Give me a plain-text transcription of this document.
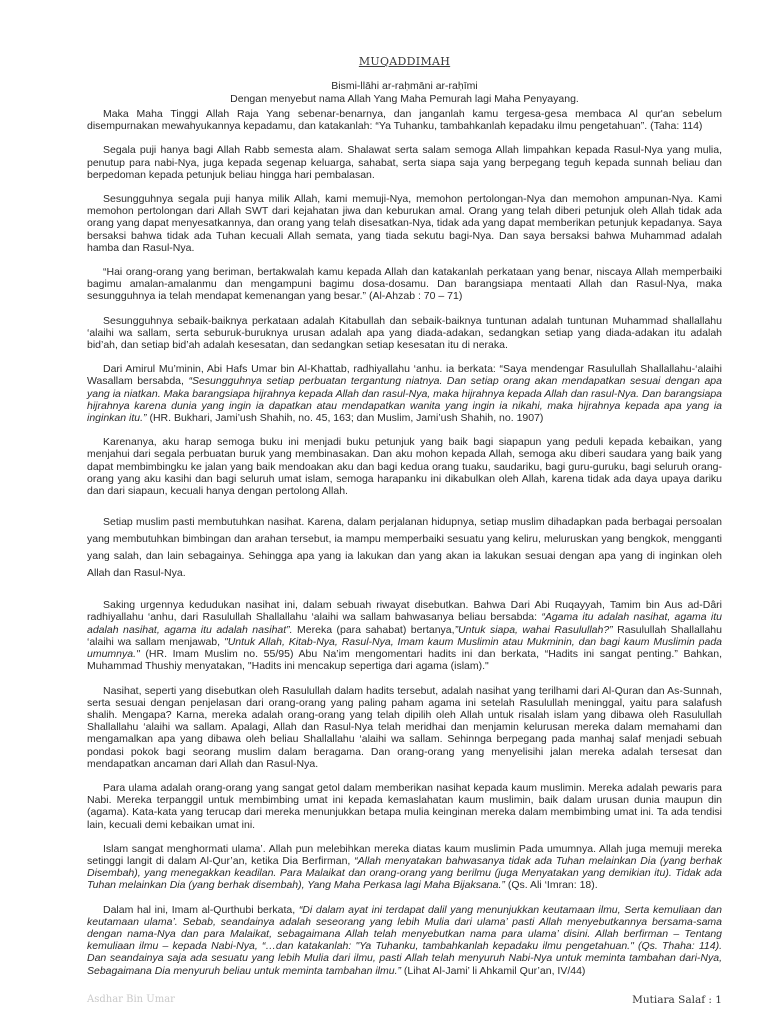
MUQADDIMAH
Bismi-llāhi ar-raḥmāni ar-raḥīmi
Dengan menyebut nama Allah Yang Maha Pemurah lagi Maha Penyayang.

Maka Maha Tinggi Allah Raja Yang sebenar-benarnya, dan janganlah kamu tergesa-gesa membaca Al qur'an sebelum disempurnakan mewahyukannya kepadamu, dan katakanlah: “Ya Tuhanku, tambahkanlah kepadaku ilmu pengetahuan”. (Taha: 114)

Segala puji hanya bagi Allah Rabb semesta alam. Shalawat serta salam semoga Allah limpahkan kepada Rasul-Nya yang mulia, penutup para nabi-Nya, juga kepada segenap keluarga, sahabat, serta siapa saja yang berpegang teguh kepada sunnah beliau dan berpedoman kepada petunjuk beliau hingga hari pembalasan.

Sesungguhnya segala puji hanya milik Allah, kami memuji-Nya, memohon pertolongan-Nya dan memohon ampunan-Nya. Kami memohon pertolongan dari Allah SWT dari kejahatan jiwa dan keburukan amal. Orang yang telah diberi petunjuk oleh Allah tidak ada orang yang dapat menyesatkannya, dan orang yang telah disesatkan-Nya, tidak ada yang dapat memberikan petunjuk kepadanya. Saya bersaksi bahwa tidak ada Tuhan kecuali Allah semata, yang tiada sekutu bagi-Nya. Dan saya bersaksi bahwa Muhammad adalah hamba dan Rasul-Nya.

“Hai orang-orang yang beriman, bertakwalah kamu kepada Allah dan katakanlah perkataan yang benar, niscaya Allah memperbaiki bagimu amalan-amalanmu dan mengampuni bagimu dosa-dosamu. Dan barangsiapa mentaati Allah dan Rasul-Nya, maka sesungguhnya ia telah mendapat kemenangan yang besar.” (Al-Ahzab : 70 – 71)

Sesungguhnya sebaik-baiknya perkataan adalah Kitabullah dan sebaik-baiknya tuntunan adalah tuntunan Muhammad shallallahu ‘alaihi wa sallam, serta seburuk-buruknya urusan adalah apa yang diada-adakan, sedangkan setiap yang diada-adakan itu adalah bid’ah, dan setiap bid’ah adalah kesesatan, dan sedangkan setiap kesesatan itu di neraka.

Dari Amirul Mu’minin, Abi Hafs Umar bin Al-Khattab, radhiyallahu ‘anhu. ia berkata: “Saya mendengar Rasulullah Shallallahu-‘alaihi Wasallam bersabda, “Sesungguhnya setiap perbuatan tergantung niatnya. Dan setiap orang akan mendapatkan sesuai dengan apa yang ia niatkan. Maka barangsiapa hijrahnya kepada Allah dan rasul-Nya, maka hijrahnya kepada Allah dan rasul-Nya. Dan barangsiapa hijrahnya karena dunia yang ingin ia dapatkan atau mendapatkan wanita yang ingin ia nikahi, maka hijrahnya kepada apa yang ia inginkan itu.” (HR. Bukhari, Jami’ush Shahih, no. 45, 163; dan Muslim, Jami’ush Shahih, no. 1907)

Karenanya, aku harap semoga buku ini menjadi buku petunjuk yang baik bagi siapapun yang peduli kepada kebaikan, yang menjahui dari segala perbuatan buruk yang membinasakan. Dan aku mohon kepada Allah, semoga aku diberi saudara yang baik yang dapat membimbingku ke jalan yang baik mendoakan aku dan bagi kedua orang tuaku, saudariku, bagi guru-guruku, bagi seluruh orang-orang yang aku kasihi dan bagi seluruh umat islam, semoga harapanku ini dikabulkan oleh Allah, karena tidak ada daya upaya dariku dan dari siapaun, kecuali hanya dengan pertolong Allah.

Setiap muslim pasti membutuhkan nasihat. Karena, dalam perjalanan hidupnya, setiap muslim dihadapkan pada berbagai persoalan yang membutuhkan bimbingan dan arahan tersebut, ia mampu memperbaiki sesuatu yang keliru, meluruskan yang bengkok, mengganti yang salah, dan lain sebagainya. Sehingga apa yang ia lakukan dan yang akan ia lakukan sesuai dengan apa yang di inginkan oleh Allah dan Rasul-Nya.

Saking urgennya kedudukan nasihat ini, dalam sebuah riwayat disebutkan. Bahwa Dari Abi Ruqayyah, Tamim bin Aus ad-Dâri radhiyallahu ‘anhu, dari Rasulullah Shallallahu ‘alaihi wa sallam bahwasanya beliau bersabda: “Agama itu adalah nasihat, agama itu adalah nasihat, agama itu adalah nasihat”. Mereka (para sahabat) bertanya,”Untuk siapa, wahai Rasulullah?” Rasulullah Shallallahu ‘alaihi wa sallam menjawab, "Untuk Allah, Kitab-Nya, Rasul-Nya, Imam kaum Muslimin atau Mukminin, dan bagi kaum Muslimin pada umumnya." (HR. Imam Muslim no. 55/95) Abu Na’im mengomentari hadits ini dan berkata, “Hadits ini sangat penting.” Bahkan, Muhammad Thushiy menyatakan, "Hadits ini mencakup sepertiga dari agama (islam)."

Nasihat, seperti yang disebutkan oleh Rasulullah dalam hadits tersebut, adalah nasihat yang terilhami dari Al-Quran dan As-Sunnah, serta sesuai dengan penjelasan dari orang-orang yang paling paham agama ini setelah Rasulullah meninggal, yaitu para salafush shalih. Mengapa? Karna, mereka adalah orang-orang yang telah dipilih oleh Allah untuk risalah islam yang dibawa oleh Rasulullah Shallallahu ‘alaihi wa sallam. Apalagi, Allah dan Rasul-Nya telah meridhai dan menjamin kelurusan mereka dalam memahami dan mengamalkan apa yang dibawa oleh beliau Shallallahu ‘alaihi wa sallam. Sehinnga berpegang pada manhaj salaf menjadi sebuah pondasi pokok bagi seorang muslim dalam beragama. Dan orang-orang yang menyelisihi jalan mereka adalah tersesat dan mendapatkan ancaman dari Allah dan Rasul-Nya.

Para ulama adalah orang-orang yang sangat getol dalam memberikan nasihat kepada kaum muslimin. Mereka adalah pewaris para Nabi. Mereka terpanggil untuk membimbing umat ini kepada kemaslahatan kaum muslimin, baik dalam urusan dunia maupun din (agama). Kata-kata yang terucap dari mereka menunjukkan betapa mulia keinginan mereka dalam membimbing umat ini. Ta ada tendisi lain, kecuali demi kebaikan umat ini.

Islam sangat menghormati ulama’. Allah pun melebihkan mereka diatas kaum muslimin Pada umumnya. Allah juga memuji mereka setinggi langit di dalam Al-Qur’an, ketika Dia Berfirman, “Allah menyatakan bahwasanya tidak ada Tuhan melainkan Dia (yang berhak Disembah), yang menegakkan keadilan. Para Malaikat dan orang-orang yang berilmu (juga Menyatakan yang demikian itu). Tidak ada Tuhan melainkan Dia (yang berhak disembah), Yang Maha Perkasa lagi Maha Bijaksana.” (Qs. Ali ‘Imran: 18).

Dalam hal ini, Imam al-Qurthubi berkata, “Di dalam ayat ini terdapat dalil yang menunjukkan keutamaan ilmu, Serta kemuliaan dan keutamaan ulama’. Sebab, seandainya adalah seseorang yang lebih Mulia dari ulama’ pasti Allah menyebutkannya bersama-sama dengan nama-Nya dan para Malaikat, sebagaimana Allah telah menyebutkan nama para ulama’ disini. Allah berfirman – Tentang kemuliaan ilmu – kepada Nabi-Nya, “…dan katakanlah: "Ya Tuhanku, tambahkanlah kepadaku ilmu pengetahuan." (Qs. Thaha: 114). Dan seandainya saja ada sesuatu yang lebih Mulia dari ilmu, pasti Allah telah menyuruh Nabi-Nya untuk meminta tambahan dari-Nya, Sebagaimana Dia menyuruh beliau untuk meminta tambahan ilmu.” (Lihat Al-Jami’ li Ahkamil Qur’an, IV/44)

Asdhar Bin Umar	Mutiara Salaf : 1
